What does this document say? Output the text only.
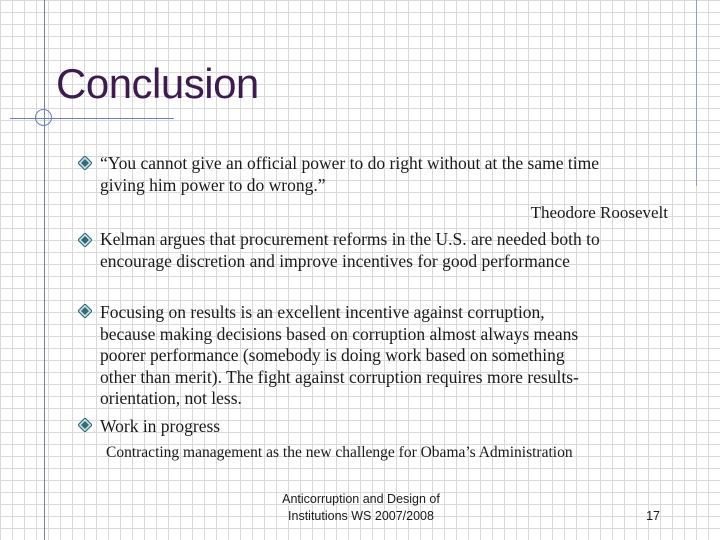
Conclusion
“You cannot give an official power to do right without at the same time
giving him power to do wrong.”
Theodore Roosevelt
Kelman argues that procurement reforms in the U.S. are needed both to
encourage discretion and improve incentives for good performance
Focusing on results is an excellent incentive against corruption,
because making decisions based on corruption almost always means
poorer performance (somebody is doing work based on something
other than merit). The fight against corruption requires more results-
orientation, not less.
Work in progress
Contracting management as the new challenge for Obama’s Administration
Anticorruption and Design of
Institutions WS 2007/2008	17
